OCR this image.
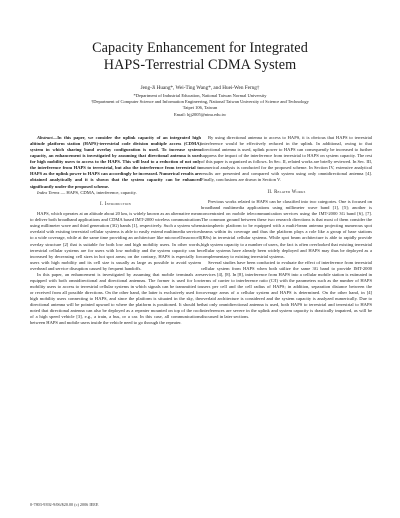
Capacity Enhancement for Integrated
HAPS-Terrestrial CDMA System
Jeng-Ji Huang*, Wei-Ting Wang*, and Huei-Wen Ferng†
*Department of Industrial Education, National Taiwan Normal University
†Department of Computer Science and Information Engineering, National Taiwan University of Science and Technology
Taipei 106, Taiwan
Email: hjj2005@ntnu.edu.tw

Abstract—In this paper, we consider the uplink capacity of an integrated high altitude platform station (HAPS)-terrestrial code division multiple access (CDMA) system in which sharing band overlay configuration is used. To increase system capacity, an enhancement is investigated by assuming that directional antenna is used for high mobility users to access to the HAPS. This will lead to a reduction of not only the interference from HAPS to terrestrial, but also the interference from terrestrial to HAPS as the uplink power to HAPS can accordingly be increased. Numerical results are obtained analytically and it is shown that the system capacity can be enhanced significantly under the proposed scheme.

Index Terms — HAPS, CDMA, interference, capacity.

I. Introduction

HAPS, which operates at an altitude about 20 km, is widely known as an alternative mean to deliver both broadband applications and CDMA based IMT-2000 wireless communications using millimeter wave and third generation (3G) bands [1], respectively. Such a system when overlaid with existing terrestrial cellular systems is able to easily extend multimedia services to a wide coverage, while at the same time providing an architecture like microcell/macrocell overlay structure [2] that is suitable for both low and high mobility users. In other words, terrestrial cellular systems are for users with low mobility and the system capacity can be increased by decreasing cell sizes in hot spot areas; on the contrary, HAPS is especially for users with high mobility and its cell size is usually as large as possible to avoid system overhead and service disruption caused by frequent handoffs.

In this paper, an enhancement is investigated by assuming that mobile terminals are equipped with both omnidirectional and directional antennas. The former is used for low mobility users to access to terrestrial cellular systems in which signals can be transmitted to or received from all possible directions. On the other hand, the latter is exclusively used for high mobility users connecting to HAPS, and since the platform is situated in the sky, the directional antenna will be pointed upward to where the platform is positioned. It should be noted that directional antenna can also be deployed as a repeater mounted on top of the roof of a high speed vehicle [3], e.g., a train, a bus, or a car. In this case, all communications between HAPS and mobile users inside the vehicle need to go through the repeater.

By using directional antenna to access to HAPS, it is obvious that HAPS to terrestrial interference would be effectively reduced in the uplink. In additional, owing to that directional antenna is used, uplink power to HAPS can consequently be increased to further suppress the impact of the interference from terrestrial to HAPS on system capacity. The rest of this paper is organized as follows. In Sec. II, related works are briefly reviewed. In Sec. III, numerical analysis is conducted for the proposed scheme. In Section IV, extensive analytical results are presented and compared with system using only omnidirectional antenna [4]. Finally, conclusions are drawn in Section V.

II. Related Works

Previous works related to HAPS can be classified into two categories. One is focused on broadband multimedia applications using millimeter wave band [1], [5]; another is concentrated on mobile telecommunication services using the IMT-2000 3G band [6], [7]. The common ground between these two research directions is that most of them consider the stratospheric platform to be equipped with a multi-beam antenna projecting numerous spot beams within its coverage and thus the platform plays a role like a group of base stations (BSs) in terrestrial cellular systems. While spot beam architecture is able to rapidly provide high system capacity to a number of users, the fact is often overlooked that existing terrestrial cellular systems have already been widely deployed and HAPS may thus be deployed as a complementary to existing terrestrial systems.

Several studies have been conducted to evaluate the effect of interference from terrestrial cellular system from HAPS when both utilize the same 3G band to provide IMT-2000 services [4], [8]. In [8], interference from HAPS into a cellular mobile station is estimated in terms of carrier to interference ratio (C/I) with the parameters such as the number of HAPS users per cell and the cell radius of HAPS; in addition, separation distance between the coverage areas of a cellular system and HAPS is determined. On the other hand, in [4] overlaid architecture is considered and the system capacity is analyzed numerically. Due to that only omnidirectional antenna is used, both HAPS to terrestrial and terrestrial to HAPS interferences are severe in the uplink and system capacity is drastically impaired, as will be discussed in later sections.

0-7803-9392-9/06/$20.00 (c) 2006 IEEE
